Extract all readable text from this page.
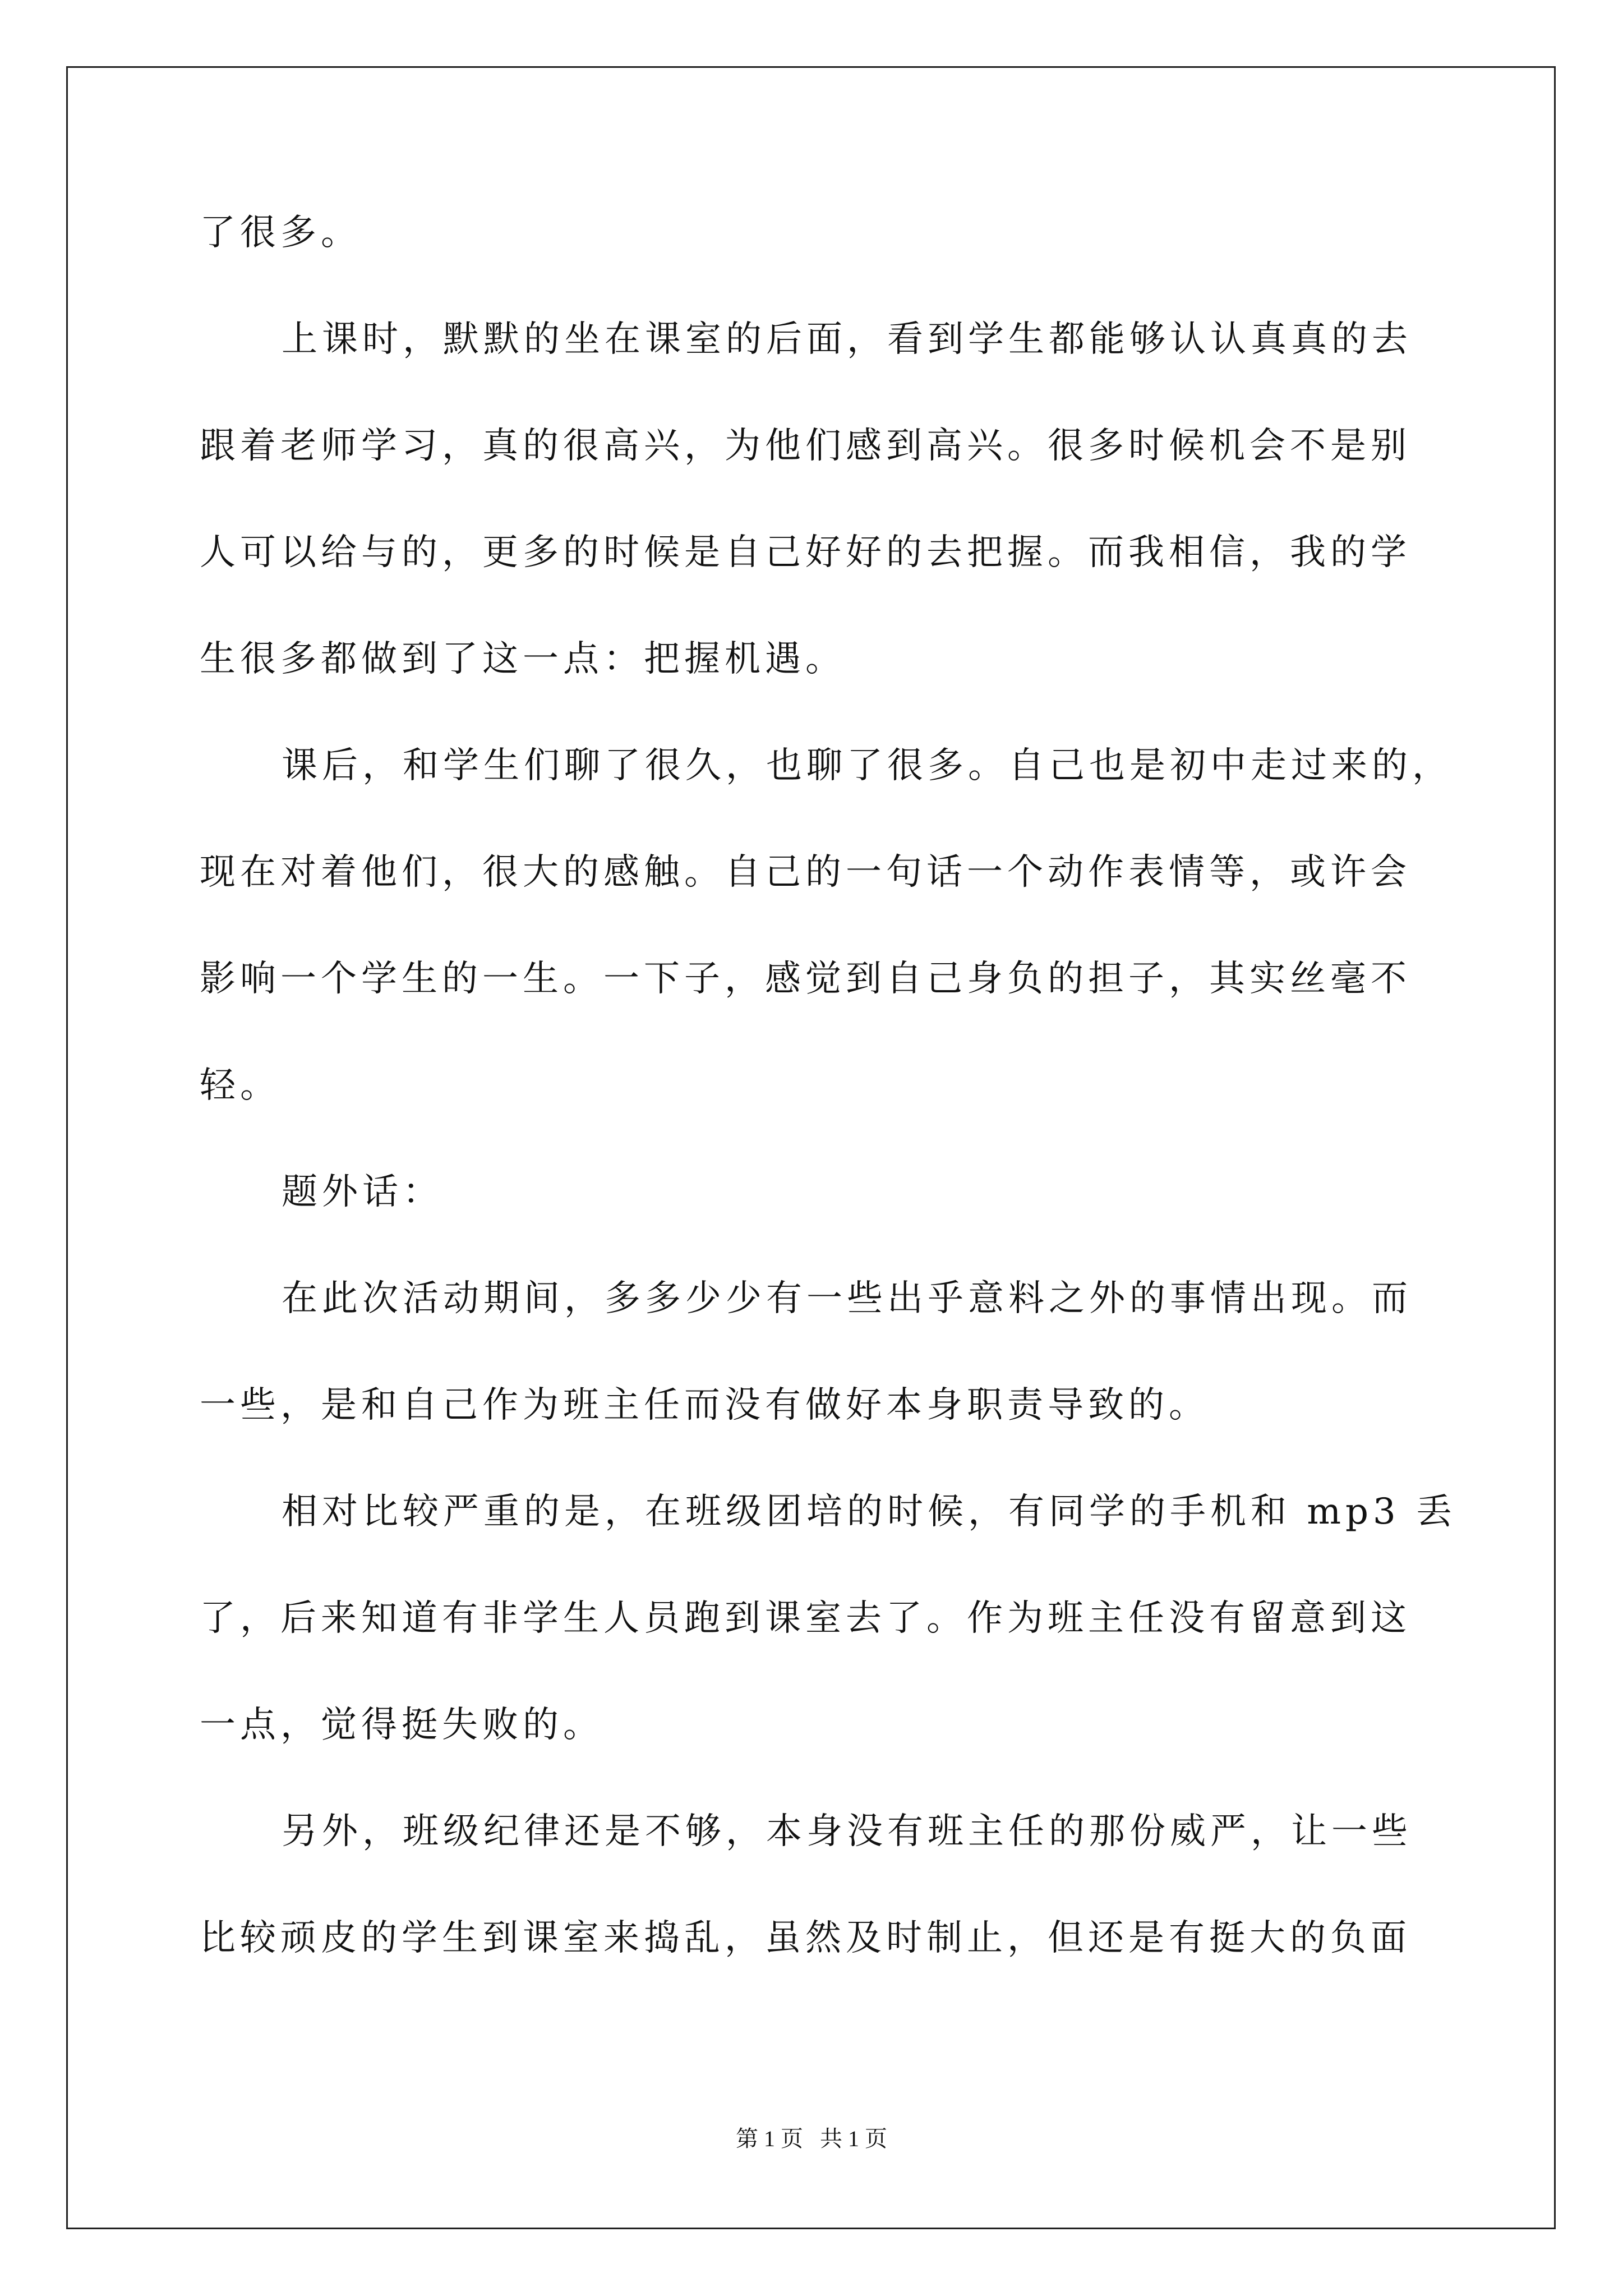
了很多。
上课时，默默的坐在课室的后面，看到学生都能够认认真真的去
跟着老师学习，真的很高兴，为他们感到高兴。很多时候机会不是别
人可以给与的，更多的时候是自己好好的去把握。而我相信，我的学
生很多都做到了这一点：把握机遇。
课后，和学生们聊了很久，也聊了很多。自己也是初中走过来的，
现在对着他们，很大的感触。自己的一句话一个动作表情等，或许会
影响一个学生的一生。一下子，感觉到自己身负的担子，其实丝毫不
轻。
题外话：
在此次活动期间，多多少少有一些出乎意料之外的事情出现。而
一些，是和自己作为班主任而没有做好本身职责导致的。
相对比较严重的是，在班级团培的时候，有同学的手机和 mp3 丢
了，后来知道有非学生人员跑到课室去了。作为班主任没有留意到这
一点，觉得挺失败的。
另外，班级纪律还是不够，本身没有班主任的那份威严，让一些
比较顽皮的学生到课室来捣乱，虽然及时制止，但还是有挺大的负面
第 1 页   共 1 页
